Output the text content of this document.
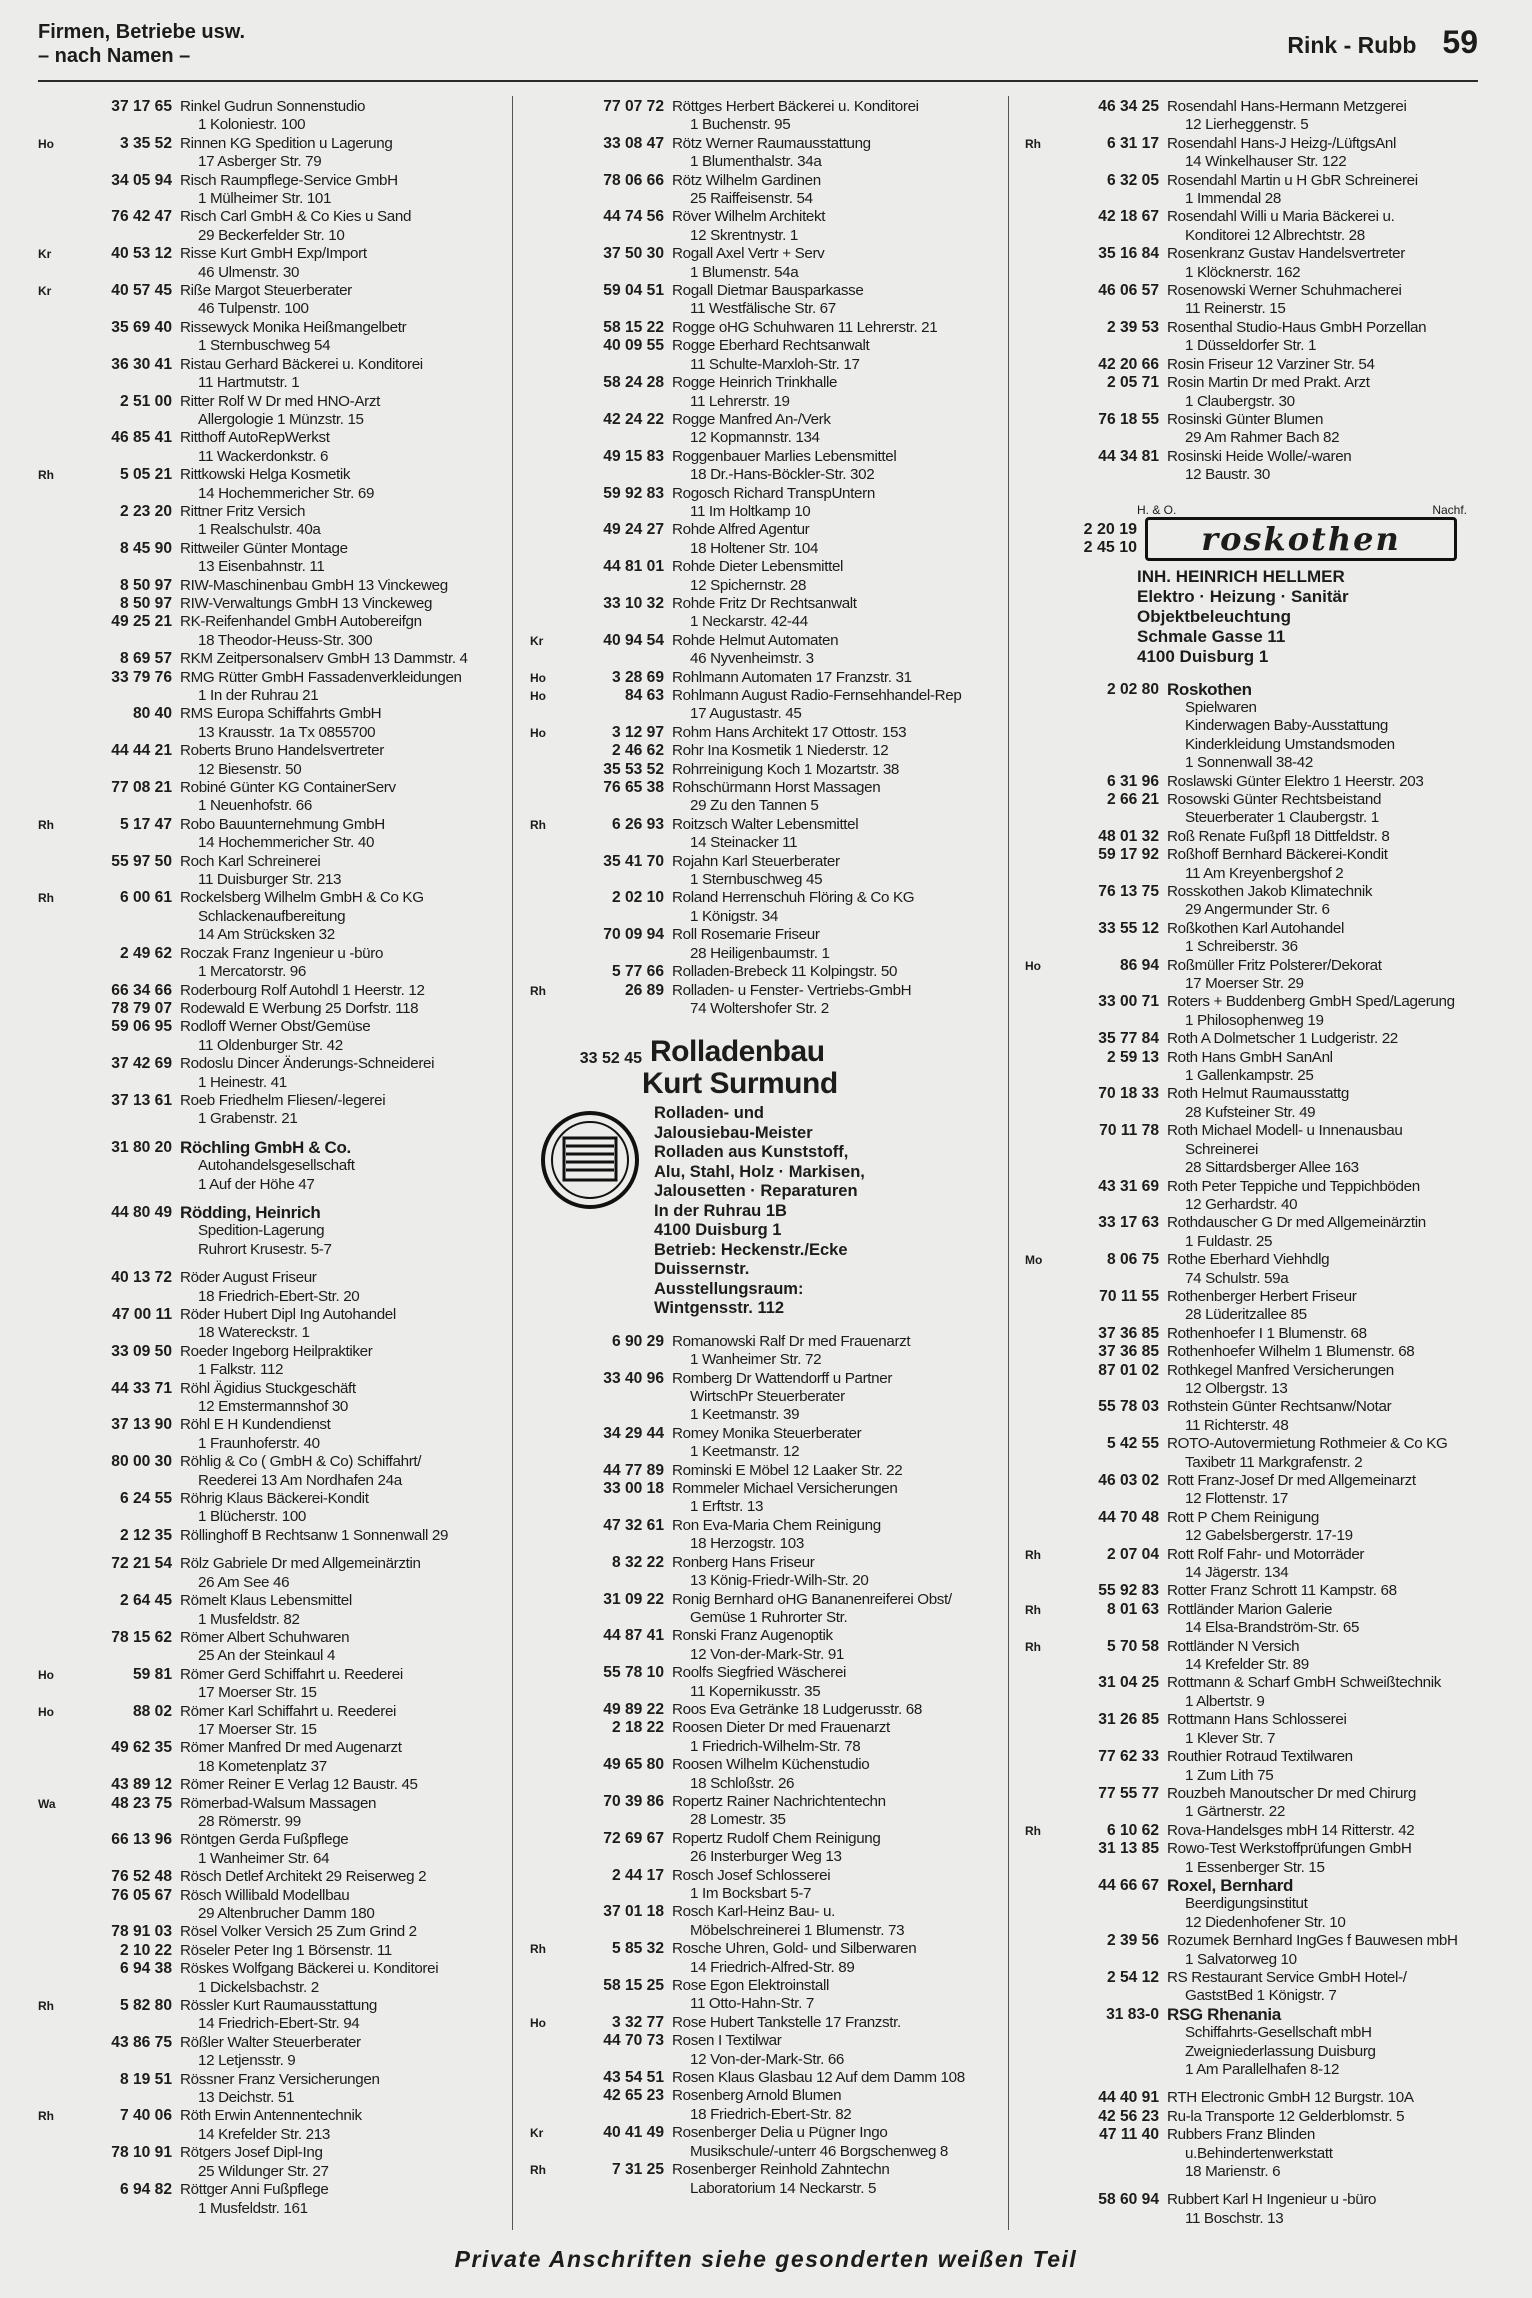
Firmen, Betriebe usw.
– nach Namen –	Rink - Rubb 59
37 17 65 Rinkel Gudrun Sonnenstudio
1 Koloniestr. 100
Ho	3 35 52 Rinnen KG Spedition u Lagerung
17 Asberger Str. 79
34 05 94 Risch Raumpflege-Service GmbH
1 Mülheimer Str. 101
76 42 47 Risch Carl GmbH & Co Kies u Sand
29 Beckerfelder Str. 10
Kr	40 53 12 Risse Kurt GmbH Exp/Import
46 Ulmenstr. 30
Kr	40 57 45 Riße Margot Steuerberater
46 Tulpenstr. 100
35 69 40 Rissewyck Monika Heißmangelbetr
1 Sternbuschweg 54
36 30 41 Ristau Gerhard Bäckerei u. Konditorei
11 Hartmutstr. 1
2 51 00 Ritter Rolf W Dr med HNO-Arzt
Allergologie 1 Münzstr. 15
46 85 41 Ritthoff AutoRepWerkst
11 Wackerdonkstr. 6
Rh	5 05 21 Rittkowski Helga Kosmetik
14 Hochemmericher Str. 69
2 23 20 Rittner Fritz Versich
1 Realschulstr. 40a
8 45 90 Rittweiler Günter Montage
13 Eisenbahnstr. 11
8 50 97 RIW-Maschinenbau GmbH 13 Vinckeweg
8 50 97 RIW-Verwaltungs GmbH 13 Vinckeweg
49 25 21 RK-Reifenhandel GmbH Autobereifgn
18 Theodor-Heuss-Str. 300
8 69 57 RKM Zeitpersonalserv GmbH 13 Dammstr. 4
33 79 76 RMG Rütter GmbH Fassadenverkleidungen
1 In der Ruhrau 21
80 40 RMS Europa Schiffahrts GmbH
13 Krausstr. 1a Tx 0855700
44 44 21 Roberts Bruno Handelsvertreter
12 Biesenstr. 50
77 08 21 Robiné Günter KG ContainerServ
1 Neuenhofstr. 66
Rh	5 17 47 Robo Bauunternehmung GmbH
14 Hochemmericher Str. 40
55 97 50 Roch Karl Schreinerei
11 Duisburger Str. 213
Rh	6 00 61 Rockelsberg Wilhelm GmbH & Co KG
Schlackenaufbereitung
14 Am Strücksken 32
2 49 62 Roczak Franz Ingenieur u -büro
1 Mercatorstr. 96
66 34 66 Roderbourg Rolf Autohdl 1 Heerstr. 12
78 79 07 Rodewald E Werbung 25 Dorfstr. 118
59 06 95 Rodloff Werner Obst/Gemüse
11 Oldenburger Str. 42
37 42 69 Rodoslu Dincer Änderungs-Schneiderei
1 Heinestr. 41
37 13 61 Roeb Friedhelm Fliesen/-legerei
1 Grabenstr. 21
31 80 20 Röchling GmbH & Co.
Autohandelsgesellschaft
1 Auf der Höhe 47
44 80 49 Rödding, Heinrich
Spedition-Lagerung
Ruhrort Krusestr. 5-7
40 13 72 Röder August Friseur
18 Friedrich-Ebert-Str. 20
47 00 11 Röder Hubert Dipl Ing Autohandel
18 Watereckstr. 1
33 09 50 Roeder Ingeborg Heilpraktiker
1 Falkstr. 112
44 33 71 Röhl Ägidius Stuckgeschäft
12 Emstermannshof 30
37 13 90 Röhl E H Kundendienst
1 Fraunhoferstr. 40
80 00 30 Röhlig & Co ( GmbH & Co) Schiffahrt/
Reederei 13 Am Nordhafen 24a
6 24 55 Röhrig Klaus Bäckerei-Kondit
1 Blücherstr. 100
2 12 35 Röllinghoff B Rechtsanw 1 Sonnenwall 29
72 21 54 Rölz Gabriele Dr med Allgemeinärztin
26 Am See 46
2 64 45 Römelt Klaus Lebensmittel
1 Musfeldstr. 82
78 15 62 Römer Albert Schuhwaren
25 An der Steinkaul 4
Ho	59 81 Römer Gerd Schiffahrt u. Reederei
17 Moerser Str. 15
Ho	88 02 Römer Karl Schiffahrt u. Reederei
17 Moerser Str. 15
49 62 35 Römer Manfred Dr med Augenarzt
18 Kometenplatz 37
43 89 12 Römer Reiner E Verlag 12 Baustr. 45
Wa	48 23 75 Römerbad-Walsum Massagen
28 Römerstr. 99
66 13 96 Röntgen Gerda Fußpflege
1 Wanheimer Str. 64
76 52 48 Rösch Detlef Architekt 29 Reiserweg 2
76 05 67 Rösch Willibald Modellbau
29 Altenbrucher Damm 180
78 91 03 Rösel Volker Versich 25 Zum Grind 2
2 10 22 Röseler Peter Ing 1 Börsenstr. 11
6 94 38 Röskes Wolfgang Bäckerei u. Konditorei
1 Dickelsbachstr. 2
Rh	5 82 80 Rössler Kurt Raumausstattung
14 Friedrich-Ebert-Str. 94
43 86 75 Rößler Walter Steuerberater
12 Letjensstr. 9
8 19 51 Rössner Franz Versicherungen
13 Deichstr. 51
Rh	7 40 06 Röth Erwin Antennentechnik
14 Krefelder Str. 213
78 10 91 Rötgers Josef Dipl-Ing
25 Wildunger Str. 27
6 94 82 Röttger Anni Fußpflege
1 Musfeldstr. 161
77 07 72 Röttges Herbert Bäckerei u. Konditorei
1 Buchenstr. 95
33 08 47 Rötz Werner Raumausstattung
1 Blumenthalstr. 34a
78 06 66 Rötz Wilhelm Gardinen
25 Raiffeisenstr. 54
44 74 56 Röver Wilhelm Architekt
12 Skrentnystr. 1
37 50 30 Rogall Axel Vertr + Serv
1 Blumenstr. 54a
59 04 51 Rogall Dietmar Bausparkasse
11 Westfälische Str. 67
58 15 22 Rogge oHG Schuhwaren 11 Lehrerstr. 21
40 09 55 Rogge Eberhard Rechtsanwalt
11 Schulte-Marxloh-Str. 17
58 24 28 Rogge Heinrich Trinkhalle
11 Lehrerstr. 19
42 24 22 Rogge Manfred An-/Verk
12 Kopmannstr. 134
49 15 83 Roggenbauer Marlies Lebensmittel
18 Dr.-Hans-Böckler-Str. 302
59 92 83 Rogosch Richard TranspUntern
11 Im Holtkamp 10
49 24 27 Rohde Alfred Agentur
18 Holtener Str. 104
44 81 01 Rohde Dieter Lebensmittel
12 Spichernstr. 28
33 10 32 Rohde Fritz Dr Rechtsanwalt
1 Neckarstr. 42-44
Kr	40 94 54 Rohde Helmut Automaten
46 Nyvenheimstr. 3
Ho	3 28 69 Rohlmann Automaten 17 Franzstr. 31
Ho	84 63 Rohlmann August Radio-Fernsehhandel-Rep
17 Augustastr. 45
Ho	3 12 97 Rohm Hans Architekt 17 Ottostr. 153
2 46 62 Rohr Ina Kosmetik 1 Niederstr. 12
35 53 52 Rohrreinigung Koch 1 Mozartstr. 38
76 65 38 Rohschürmann Horst Massagen
29 Zu den Tannen 5
Rh	6 26 93 Roitzsch Walter Lebensmittel
14 Steinacker 11
35 41 70 Rojahn Karl Steuerberater
1 Sternbuschweg 45
2 02 10 Roland Herrenschuh Flöring & Co KG
1 Königstr. 34
70 09 94 Roll Rosemarie Friseur
28 Heiligenbaumstr. 1
5 77 66 Rolladen-Brebeck 11 Kolpingstr. 50
Rh	26 89 Rolladen- u Fenster- Vertriebs-GmbH
74 Woltershofer Str. 2
33 52 45 Rolladenbau
Kurt Surmund
Rolladen- und
Jalousiebau-Meister
Rolladen aus Kunststoff,
Alu, Stahl, Holz · Markisen,
Jalousetten · Reparaturen
In der Ruhrau 1B
4100 Duisburg 1
Betrieb: Heckenstr./Ecke
Duissernstr.
Ausstellungsraum:
Wintgensstr. 112
6 90 29 Romanowski Ralf Dr med Frauenarzt
1 Wanheimer Str. 72
33 40 96 Romberg Dr Wattendorff u Partner
WirtschPr Steuerberater
1 Keetmanstr. 39
34 29 44 Romey Monika Steuerberater
1 Keetmanstr. 12
44 77 89 Rominski E Möbel 12 Laaker Str. 22
33 00 18 Rommeler Michael Versicherungen
1 Erftstr. 13
47 32 61 Ron Eva-Maria Chem Reinigung
18 Herzogstr. 103
8 32 22 Ronberg Hans Friseur
13 König-Friedr-Wilh-Str. 20
31 09 22 Ronig Bernhard oHG Bananenreiferei Obst/
Gemüse 1 Ruhrorter Str.
44 87 41 Ronski Franz Augenoptik
12 Von-der-Mark-Str. 91
55 78 10 Roolfs Siegfried Wäscherei
11 Kopernikusstr. 35
49 89 22 Roos Eva Getränke 18 Ludgerusstr. 68
2 18 22 Roosen Dieter Dr med Frauenarzt
1 Friedrich-Wilhelm-Str. 78
49 65 80 Roosen Wilhelm Küchenstudio
18 Schloßstr. 26
70 39 86 Ropertz Rainer Nachrichtentechn
28 Lomestr. 35
72 69 67 Ropertz Rudolf Chem Reinigung
26 Insterburger Weg 13
2 44 17 Rosch Josef Schlosserei
1 Im Bocksbart 5-7
37 01 18 Rosch Karl-Heinz Bau- u.
Möbelschreinerei 1 Blumenstr. 73
Rh	5 85 32 Rosche Uhren, Gold- und Silberwaren
14 Friedrich-Alfred-Str. 89
58 15 25 Rose Egon Elektroinstall
11 Otto-Hahn-Str. 7
Ho	3 32 77 Rose Hubert Tankstelle 17 Franzstr.
44 70 73 Rosen I Textilwar
12 Von-der-Mark-Str. 66
43 54 51 Rosen Klaus Glasbau 12 Auf dem Damm 108
42 65 23 Rosenberg Arnold Blumen
18 Friedrich-Ebert-Str. 82
Kr	40 41 49 Rosenberger Delia u Pügner Ingo
Musikschule/-unterr 46 Borgschenweg 8
Rh	7 31 25 Rosenberger Reinhold Zahntechn
Laboratorium 14 Neckarstr. 5
46 34 25 Rosendahl Hans-Hermann Metzgerei
12 Lierheggenstr. 5
Rh	6 31 17 Rosendahl Hans-J Heizg-/LüftgsAnl
14 Winkelhauser Str. 122
6 32 05 Rosendahl Martin u H GbR Schreinerei
1 Immendal 28
42 18 67 Rosendahl Willi u Maria Bäckerei u.
Konditorei 12 Albrechtstr. 28
35 16 84 Rosenkranz Gustav Handelsvertreter
1 Klöcknerstr. 162
46 06 57 Rosenowski Werner Schuhmacherei
11 Reinerstr. 15
2 39 53 Rosenthal Studio-Haus GmbH Porzellan
1 Düsseldorfer Str. 1
42 20 66 Rosin Friseur 12 Varziner Str. 54
2 05 71 Rosin Martin Dr med Prakt. Arzt
1 Claubergstr. 30
76 18 55 Rosinski Günter Blumen
29 Am Rahmer Bach 82
44 34 81 Rosinski Heide Wolle/-waren
12 Baustr. 30
H. & O.	Nachf.
2 20 19
2 45 10	roskothen
INH. HEINRICH HELLMER
Elektro · Heizung · Sanitär
Objektbeleuchtung
Schmale Gasse 11
4100 Duisburg 1
2 02 80 Roskothen
Spielwaren
Kinderwagen Baby-Ausstattung
Kinderkleidung Umstandsmoden
1 Sonnenwall 38-42
6 31 96 Roslawski Günter Elektro 1 Heerstr. 203
2 66 21 Rosowski Günter Rechtsbeistand
Steuerberater 1 Claubergstr. 1
48 01 32 Roß Renate Fußpfl 18 Dittfeldstr. 8
59 17 92 Roßhoff Bernhard Bäckerei-Kondit
11 Am Kreyenbergshof 2
76 13 75 Rosskothen Jakob Klimatechnik
29 Angermunder Str. 6
33 55 12 Roßkothen Karl Autohandel
1 Schreiberstr. 36
Ho	86 94 Roßmüller Fritz Polsterer/Dekorat
17 Moerser Str. 29
33 00 71 Roters + Buddenberg GmbH Sped/Lagerung
1 Philosophenweg 19
35 77 84 Roth A Dolmetscher 1 Ludgeristr. 22
2 59 13 Roth Hans GmbH SanAnl
1 Gallenkampstr. 25
70 18 33 Roth Helmut Raumausstattg
28 Kufsteiner Str. 49
70 11 78 Roth Michael Modell- u Innenausbau
Schreinerei
28 Sittardsberger Allee 163
43 31 69 Roth Peter Teppiche und Teppichböden
12 Gerhardstr. 40
33 17 63 Rothdauscher G Dr med Allgemeinärztin
1 Fuldastr. 25
Mo	8 06 75 Rothe Eberhard Viehhdlg
74 Schulstr. 59a
70 11 55 Rothenberger Herbert Friseur
28 Lüderitzallee 85
37 36 85 Rothenhoefer I 1 Blumenstr. 68
37 36 85 Rothenhoefer Wilhelm 1 Blumenstr. 68
87 01 02 Rothkegel Manfred Versicherungen
12 Olbergstr. 13
55 78 03 Rothstein Günter Rechtsanw/Notar
11 Richterstr. 48
5 42 55 ROTO-Autovermietung Rothmeier & Co KG
Taxibetr 11 Markgrafenstr. 2
46 03 02 Rott Franz-Josef Dr med Allgemeinarzt
12 Flottenstr. 17
44 70 48 Rott P Chem Reinigung
12 Gabelsbergerstr. 17-19
Rh	2 07 04 Rott Rolf Fahr- und Motorräder
14 Jägerstr. 134
55 92 83 Rotter Franz Schrott 11 Kampstr. 68
Rh	8 01 63 Rottländer Marion Galerie
14 Elsa-Brandström-Str. 65
Rh	5 70 58 Rottländer N Versich
14 Krefelder Str. 89
31 04 25 Rottmann & Scharf GmbH Schweißtechnik
1 Albertstr. 9
31 26 85 Rottmann Hans Schlosserei
1 Klever Str. 7
77 62 33 Routhier Rotraud Textilwaren
1 Zum Lith 75
77 55 77 Rouzbeh Manoutscher Dr med Chirurg
1 Gärtnerstr. 22
Rh	6 10 62 Rova-Handelsges mbH 14 Ritterstr. 42
31 13 85 Rowo-Test Werkstoffprüfungen GmbH
1 Essenberger Str. 15
44 66 67 Roxel, Bernhard
Beerdigungsinstitut
12 Diedenhofener Str. 10
2 39 56 Rozumek Bernhard IngGes f Bauwesen mbH
1 Salvatorweg 10
2 54 12 RS Restaurant Service GmbH Hotel-/
GaststBed 1 Königstr. 7
31 83-0 RSG Rhenania
Schiffahrts-Gesellschaft mbH
Zweigniederlassung Duisburg
1 Am Parallelhafen 8-12
44 40 91 RTH Electronic GmbH 12 Burgstr. 10A
42 56 23 Ru-la Transporte 12 Gelderblomstr. 5
47 11 40 Rubbers Franz Blinden
u.Behindertenwerkstatt
18 Marienstr. 6
58 60 94 Rubbert Karl H Ingenieur u -büro
11 Boschstr. 13
Private Anschriften siehe gesonderten weißen Teil
